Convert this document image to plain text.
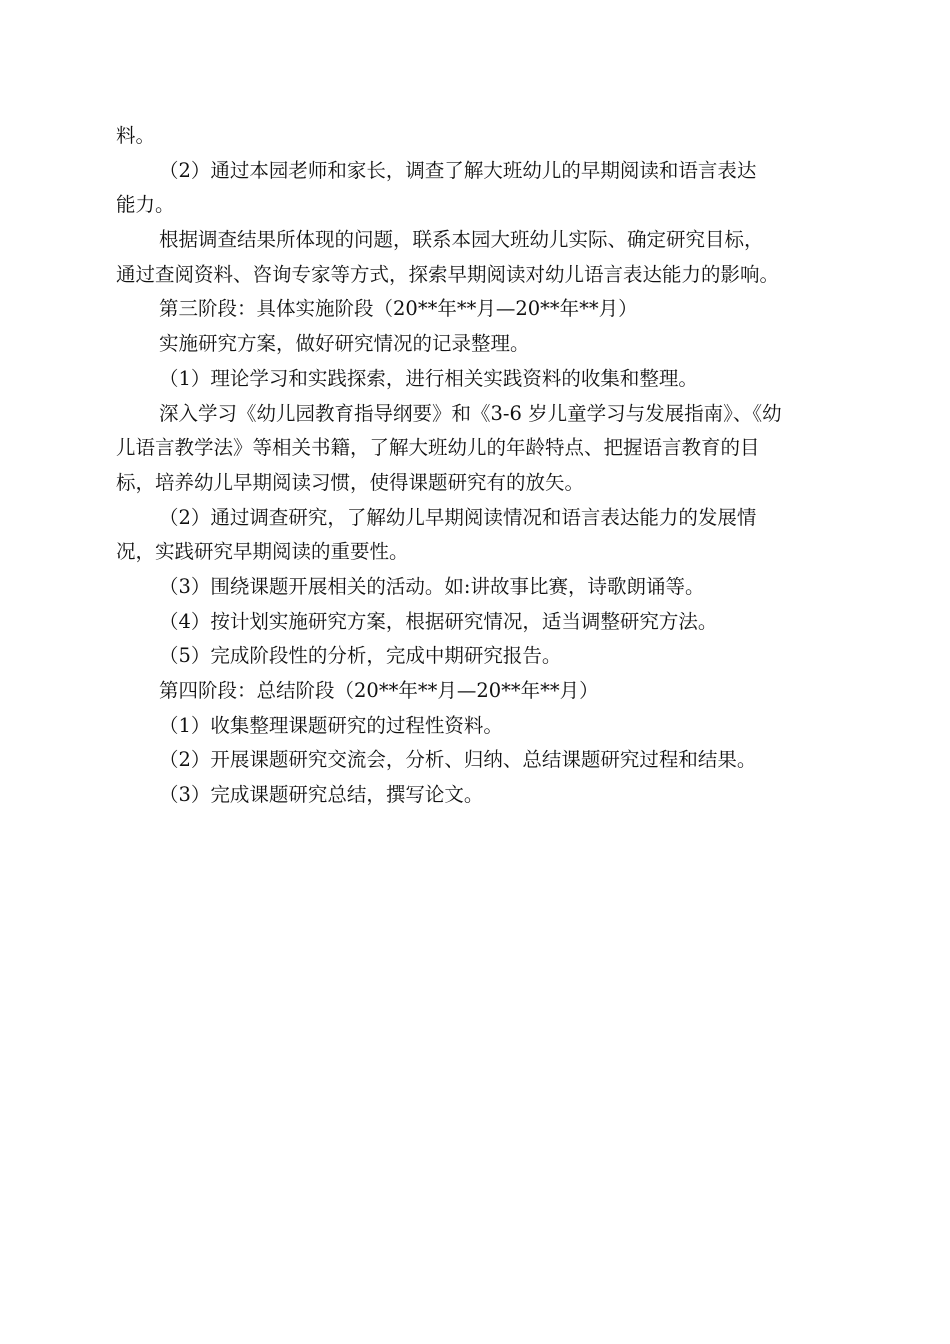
料。
（2）通过本园老师和家长，调查了解大班幼儿的早期阅读和语言表达
能力。
根据调查结果所体现的问题，联系本园大班幼儿实际、确定研究目标，
通过查阅资料、咨询专家等方式，探索早期阅读对幼儿语言表达能力的影响。
第三阶段：具体实施阶段（20**年**月—20**年**月）
实施研究方案，做好研究情况的记录整理。
（1）理论学习和实践探索，进行相关实践资料的收集和整理。
深入学习《幼儿园教育指导纲要》和《3-6 岁儿童学习与发展指南》、《幼
儿语言教学法》等相关书籍，了解大班幼儿的年龄特点、把握语言教育的目
标，培养幼儿早期阅读习惯，使得课题研究有的放矢。
（2）通过调查研究，了解幼儿早期阅读情况和语言表达能力的发展情
况，实践研究早期阅读的重要性。
（3）围绕课题开展相关的活动。如:讲故事比赛，诗歌朗诵等。
（4）按计划实施研究方案，根据研究情况，适当调整研究方法。
（5）完成阶段性的分析，完成中期研究报告。
第四阶段：总结阶段（20**年**月—20**年**月）
（1）收集整理课题研究的过程性资料。
（2）开展课题研究交流会，分析、归纳、总结课题研究过程和结果。
（3）完成课题研究总结，撰写论文。
